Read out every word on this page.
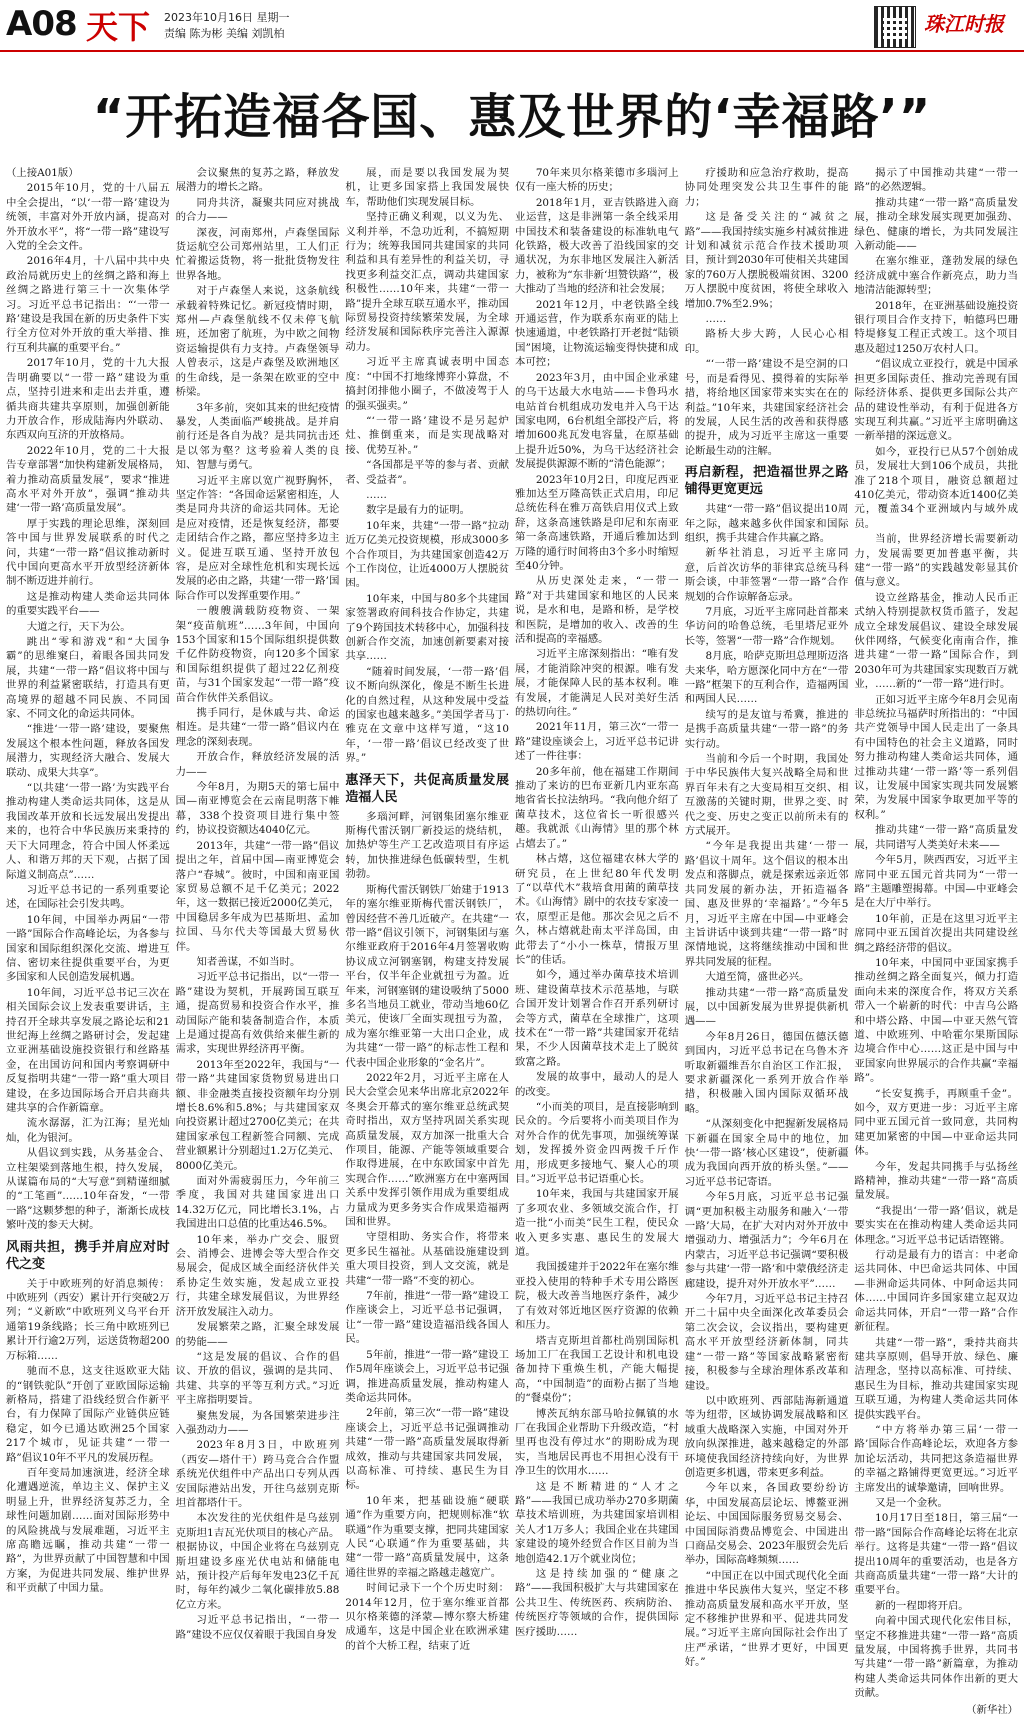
A08 天下 2023年10月16日 星期一
责编 陈为彬 美编 刘凯柏	珠江时报
“开拓造福各国、惠及世界的‘幸福路’”

（上接A01版）

2015年10月，党的十八届五中全会提出，“以‘一带一路’建设为统领，丰富对外开放内涵，提高对外开放水平”，将“一带一路”建设写入党的全会文件。

2016年4月，十八届中共中央政治局就历史上的丝绸之路和海上丝绸之路进行第三十一次集体学习。习近平总书记指出：“‘一带一路’建设是我国在新的历史条件下实行全方位对外开放的重大举措、推行互利共赢的重要平台。”

2017年10月，党的十九大报告明确要以“一带一路”建设为重点，坚持引进来和走出去并重，遵循共商共建共享原则，加强创新能力开放合作，形成陆海内外联动、东西双向互济的开放格局。

2022年10月，党的二十大报告专章部署“加快构建新发展格局，着力推动高质量发展”，要求“推进高水平对外开放”，强调“推动共建‘一带一路’高质量发展”。

厚于实践的理论思维，深刻回答中国与世界发展联系的时代之问，共建“一带一路”倡议推动新时代中国向更高水平开放型经济新体制不断迈进并前行。

这是推动构建人类命运共同体的重要实践平台——

大道之行，天下为公。

跳出“零和游戏”和“大国争霸”的思维窠臼，着眼各国共同发展，共建“一带一路”倡议将中国与世界的利益紧密联结，打造具有更高境界的超越不同民族、不同国家、不同文化的命运共同体。

“推进‘一带一路’建设，要聚焦发展这个根本性问题，释放各国发展潜力，实现经济大融合、发展大联动、成果大共享”。

“以共建‘一带一路’为实践平台推动构建人类命运共同体，这是从我国改革开放和长远发展出发提出来的，也符合中华民族历来秉持的天下大同理念，符合中国人怀柔远人、和谐万邦的天下观，占据了国际道义制高点”……

习近平总书记的一系列重要论述，在国际社会引发共鸣。

10年间，中国举办两届“一带一路”国际合作高峰论坛，为各参与国家和国际组织深化交流、增进互信、密切来往提供重要平台，为更多国家和人民创造发展机遇。

10年间，习近平总书记三次在相关国际会议上发表重要讲话，主持召开全球共享发展之路论坛和21世纪海上丝绸之路研讨会，发起建立亚洲基础设施投资银行和丝路基金，在出国访问和国内考察调研中反复指明共建“一带一路”重大项目建设，在多边国际场合开启共商共建共享的合作新篇章。

流水潺潺，汇为江海；星光灿灿，化为银河。

从倡议到实践，从务基金合、立柱架梁到落地生根，持久发展，从谋篇布局的“大写意”到精谨细腻的“工笔画”……10年奋发，“一带一路”这颗梦想的种子，渐渐长成枝繁叶茂的参天大树。

风雨共担，携手并肩应对时代之变

关于中欧班列的好消息频传：中欧班列（西安）累计开行突破2万列；“义新欧”中欧班列义乌平台开通第19条线路；长三角中欧班列已累计开行逾2万列，运送货物超200万标箱……

驰而不息，这支往返欧亚大陆的“钢铁驼队”开创了亚欧国际运输新格局，搭建了沿线经贸合作新平台，有力保障了国际产业链供应链稳定，如今已通达欧洲25个国家217个城市，见证共建“一带一路”倡议10年不平凡的发展历程。

百年变局加速演进，经济全球化遭遇逆流，单边主义、保护主义明显上升，世界经济复苏乏力，全球性问题加剧……面对国际形势中的风险挑战与发展难题，习近平主席高瞻远瞩，推动共建“一带一路”，为世界贡献了中国智慧和中国方案，为促进共同发展、维护世界和平贡献了中国力量。

会议聚焦的复苏之路，释放发展潜力的增长之路。

同舟共济，凝聚共同应对挑战的合力——

深夜，河南郑州，卢森堡国际货运航空公司郑州站里，工人们正忙着搬运货物，将一批批货物发往世界各地。

对于卢森堡人来说，这条航线承载着特殊记忆。新冠疫情时期，郑州—卢森堡航线不仅未停飞航班，还加密了航班，为中欧之间物资运输提供有力支持。卢森堡领导人曾表示，这是卢森堡及欧洲地区的生命线，是一条架在欧亚的空中桥梁。

3年多前，突如其来的世纪疫情暴发，人类面临严峻挑战。是并肩前行还是各自为战？是共同抗击还是以邻为壑？这考验着人类的良知、智慧与勇气。

习近平主席以宽广视野胸怀，坚定作答：“各国命运紧密相连，人类是同舟共济的命运共同体。无论是应对疫情，还是恢复经济，都要走团结合作之路，都应坚持多边主义。促进互联互通、坚持开放包容，是应对全球性危机和实现长远发展的必由之路，共建‘一带一路’国际合作可以发挥重要作用。”

一艘艘满载防疫物资、一架架“疫苗航班”……3年间，中国向153个国家和15个国际组织提供数千亿件防疫物资，向120多个国家和国际组织提供了超过22亿剂疫苗，与31个国家发起“一带一路”疫苗合作伙伴关系倡议。

携手同行，是休戚与共、命运相连。是共建“一带一路”倡议内在理念的深刻表现。

开放合作，释放经济发展的活力——

今年8月，为期5天的第七届中国—南亚博览会在云南昆明落下帷幕，338个投资项目进行集中签约，协议投资额达4040亿元。

2013年，共建“一带一路”倡议提出之年，首届中国—南亚博览会落户“春城”。彼时，中国和南亚国家贸易总额不足千亿美元；2022年，这一数据已接近2000亿美元，中国稳居多年成为巴基斯坦、孟加拉国、马尔代夫等国最大贸易伙伴。

知者善谋，不如当时。

习近平总书记指出，以“一带一路”建设为契机，开展跨国互联互通，提高贸易和投资合作水平，推动国际产能和装备制造合作，本质上是通过提高有效供给来催生新的需求，实现世界经济再平衡。

2013年至2022年，我国与“一带一路”共建国家货物贸易进出口额、非金融类直接投资额年均分别增长8.6%和5.8%；与共建国家双向投资累计超过2700亿美元；在共建国家承包工程新签合同额、完成营业额累计分别超过1.2万亿美元、8000亿美元。

面对外需疲弱压力，今年前三季度，我国对共建国家进出口14.32万亿元，同比增长3.1%，占我国进出口总值的比重达46.5%。

10年来，举办广交会、服贸会、消博会、进博会等大型合作交易展会，促成区域全面经济伙伴关系协定生效实施，发起成立亚投行，共建全球发展倡议，为世界经济开放发展注入动力。

发展繁荣之路，汇聚全球发展的势能——

“这是发展的倡议、合作的倡议、开放的倡议，强调的是共同、共建、共享的平等互利方式。”习近平主席指明要旨。

聚焦发展，为各国繁荣进步注入强劲动力——

2023年8月3日，中欧班列（西安—塔什干）跨马竞合合作盟系统光伏组件中产品出口专列从西安国际港站出发，开往乌兹别克斯坦首都塔什干。

本次发往的光伏组件是乌兹别克斯坦1吉瓦光伏项目的核心产品。根据协议，中国企业将在乌兹别克斯坦建设多座光伏电站和储能电站，预计投产后每年发电23亿千瓦时，每年约减少二氧化碳排放5.88亿立方米。

习近平总书记指出，“一带一路”建设不应仅仅着眼于我国自身发

展，而是要以我国发展为契机，让更多国家搭上我国发展快车，帮助他们实现发展目标。

坚持正确义利观，以义为先、义利并举，不急功近利，不搞短期行为；统筹我国同共建国家的共同利益和具有差异性的利益关切，寻找更多利益交汇点，调动共建国家积极性……10年来，共建“一带一路”提升全球互联互通水平，推动国际贸易投资持续繁荣发展，为全球经济发展和国际秩序完善注入源源动力。

习近平主席真诚表明中国态度：“中国不打地缘博弈小算盘，不搞封闭排他小圈子，不做凌驾于人的强买强卖。”

“‘一带一路’建设不是另起炉灶、推倒重来，而是实现战略对接、优势互补。”

“各国都是平等的参与者、贡献者、受益者”。

……

数字是最有力的证明。

10年来，共建“一带一路”拉动近万亿美元投资规模，形成3000多个合作项目，为共建国家创造42万个工作岗位，让近4000万人摆脱贫困。

10年来，中国与80多个共建国家签署政府间科技合作协定，共建了9个跨国技术转移中心，加强科技创新合作交流，加速创新要素对接共享……

“随着时间发展，‘一带一路’倡议不断向纵深化，像是不断生长进化的自然过程，从这种发展中受益的国家也越来越多。”美国学者马丁·雅克在文章中这样写道，“这10年，‘一带一路’倡议已经改变了世界。”

惠泽天下，共促高质量发展造福人民

多瑙河畔，河钢集团塞尔维亚斯梅代雷沃钢厂新投运的烧结机，加热炉等生产工艺改造项目有序运转，加快推进绿色低碳转型，生机勃勃。

斯梅代雷沃钢铁厂始建于1913年的塞尔维亚斯梅代雷沃钢铁厂，曾因经营不善几近破产。在共建“一带一路”倡议引领下，河钢集团与塞尔维亚政府于2016年4月签署收购协议成立河钢塞钢，构建支持发展平台，仅半年企业就扭亏为盈。近年来，河钢塞钢的建设吸纳了5000多名当地员工就业，带动当地60亿美元，使该厂全面实现扭亏为盈，成为塞尔维亚第一大出口企业，成为共建“一带一路”的标志性工程和代表中国企业形象的“金名片”。

2022年2月，习近平主席在人民大会堂会见来华出席北京2022年冬奥会开幕式的塞尔维亚总统武契奇时指出，双方坚持巩固关系实现高质量发展，双方加深一批重大合作项目，能源、产能等领域重要合作取得进展，在中东欧国家中首先实现合作……”欧洲塞方在中塞两国关系中发挥引领作用成为重要组成力量成为更多务实合作成果造福两国和世界。

守望相助、务实合作，将带来更多民生福祉。从基础设施建设到重大项目投资，到人文交流，就是共建“一带一路”不变的初心。

7年前，推进“一带一路”建设工作座谈会上，习近平总书记强调，让“一带一路”建设造福沿线各国人民。

5年前，推进“一带一路”建设工作5周年座谈会上，习近平总书记强调，推进高质量发展，推动构建人类命运共同体。

2年前，第三次“一带一路”建设座谈会上，习近平总书记强调推动共建“一带一路”高质量发展取得新成效，推动与共建国家共同发展，以高标准、可持续、惠民生为目标。

10年来，把基础设施“硬联通”作为重要方向，把规则标准“软联通”作为重要支撑，把同共建国家人民“心联通”作为重要基础，共建“一带一路”高质量发展中，这条通往世界的幸福之路越走越宽广。

时间记录下一个个历史时刻：2014年12月，位于塞尔维亚首都贝尔格莱德的泽蒙—博尔察大桥建成通车，这是中国企业在欧洲承建的首个大桥工程，结束了近

70年来贝尔格莱德市多瑙河上仅有一座大桥的历史；

2018年1月，亚吉铁路进入商业运营，这是非洲第一条全线采用中国技术和装备建设的标准轨电气化铁路，极大改善了沿线国家的交通状况，为东非地区发展注入新活力，被称为“东非新‘坦赞铁路’”，极大推动了当地的经济和社会发展；

2021年12月，中老铁路全线开通运营，作为联系东南亚的陆上快速通道，中老铁路打开老挝“陆锁国”困境，让物流运输变得快捷和成本可控；

2023年3月，由中国企业承建的乌干达最大水电站——卡鲁玛水电站首台机组成功发电并入乌干达国家电网，6台机组全部投产后，将增加600兆瓦发电容量，在原基础上提升近50%，为乌干达经济社会发展提供源源不断的“清色能源”；

2023年10月2日，印度尼西亚雅加达至万隆高铁正式启用，印尼总统佐科在雅万高铁启用仪式上致辞，这条高速铁路是印尼和东南亚第一条高速铁路，开通后雅加达到万隆的通行时间将由3个多小时缩短至40分钟。

从历史深处走来，“一带一路”对于共建国家和地区的人民来说，是水和电，是路和桥，是学校和医院，是增加的收入、改善的生活和提高的幸福感。

习近平主席深刻指出：“唯有发展，才能消除冲突的根源。唯有发展，才能保障人民的基本权利。唯有发展，才能满足人民对美好生活的热切向往。”

2021年11月，第三次“一带一路”建设座谈会上，习近平总书记讲述了一件往事：

20多年前，他在福建工作期间推动了来访的巴布亚新几内亚东高地省省长拉法纳玛。“我向他介绍了菌草技术，这位省长一听很感兴趣。我就派《山海情》里的那个林占熺去了。”

林占熺，这位福建农林大学的研究员，在上世纪80年代发明了“以草代木”栽培食用菌的菌草技术。《山海情》剧中的农技专家凌一农，原型正是他。那次会见之后不久，林占熺就赴南太平洋岛国，由此带去了“小小一株草，情报万里长”的佳话。

如今，通过举办菌草技术培训班、建设菌草技术示范基地，与联合国开发计划署合作召开系列研讨会等方式，菌草在全球推广，这项技术在“一带一路”共建国家开花结果，不少人因菌草技术走上了脱贫致富之路。

发展的故事中，最动人的是人的改变。

“小而美的项目，是直接影响到民众的。今后要将小而美项目作为对外合作的优先事项，加强统筹谋划，发挥援外资金四两拨千斤作用，形成更多接地气、聚人心的项目。”习近平总书记语重心长。

10年来，我国与共建国家开展了多项农业、多领域交流合作，打造一批“小而美”民生工程，使民众收入更多实惠、惠民生的发展大道。

我国援建并于2022年在塞尔维亚投入使用的特种手术专用公路医院，极大改善当地医疗条件，减少了有效对邻近地区医疗资源的依赖和压力。

塔吉克斯坦首都杜尚别国际机场加工厂在我国工艺设计和机电设备加持下重焕生机，产能大幅提高，“中国制造”的面粉占据了当地的“餐桌份”；

博茨瓦纳东部马哈拉佩镇的水厂在我国企业帮助下升级改造，“村里再也没有停过水”的期盼成为现实，当地居民再也不用担心没有干净卫生的饮用水……

这是不断精进的“人才之路”——我国已成功举办270多期菌草技术培训班，为共建国家培训相关人才1万多人；我国企业在共建国家建设的境外经贸合作区目前为当地创造42.1万个就业岗位；

这是持续加强的“健康之路”——我国积极扩大与共建国家在公共卫生、传统医药、疾病防治、传统医疗等领域的合作，提供国际医疗援助……

疗援助和应急治疗救助，提高协同处理突发公共卫生事件的能力；

这是备受关注的“减贫之路”——我国持续实施乡村减贫推进计划和减贫示范合作技术援助项目，预计到2030年可使相关共建国家的760万人摆脱极端贫困、3200万人摆脱中度贫困，将使全球收入增加0.7%至2.9%；

……

路桥大步大跨，人民心心相印。

“‘一带一路’建设不是空洞的口号，而是看得见、摸得着的实际举措，将给地区国家带来实实在在的利益。”10年来，共建国家经济社会的发展，人民生活的改善和获得感的提升，成为习近平主席这一重要论断最生动的注解。

再启新程，把造福世界之路铺得更宽更远

共建“一带一路”倡议提出10周年之际，越来越多伙伴国家和国际组织，携手共建合作共赢之路。

新华社消息，习近平主席同意，后首次访华的菲律宾总统马科斯会谈，中菲签署“一带一路”合作规划的合作谅解备忘录。

7月底，习近平主席同赴首都来华访问的哈鲁总统，毛里塔尼亚外长等，签署“一带一路”合作规划。

8月底，哈萨克斯坦总理斯迈洛夫来华，哈方愿深化同中方在“一带一路”框架下的互利合作，造福两国和两国人民……

续写的是友谊与希冀，推进的是携手高质量共建“一带一路”的务实行动。

当前和今后一个时期，我国处于中华民族伟大复兴战略全局和世界百年未有之大变局相互交织、相互激荡的关键时期，世界之变、时代之变、历史之变正以前所未有的方式展开。

“今年是我提出共建‘一带一路’倡议十周年。这个倡议的根本出发点和落脚点，就是探索远亲近邻共同发展的新办法，开拓造福各国、惠及世界的‘幸福路’。”今年5月，习近平主席在中国—中亚峰会主旨讲话中谈到共建“一带一路”时深情地说，这将继续推动中国和世界共同发展的征程。

大道至简，盛世必兴。

推动共建“一带一路”高质量发展，以中国新发展为世界提供新机遇——

今年8月26日，德国伍德沃德到国内，习近平总书记在乌鲁木齐听取新疆维吾尔自治区工作汇报，要求新疆深化一系列开放合作举措，积极融入国内国际双循环战略。

“从深刻变化中把握新发展格局下新疆在国家全局中的地位，加快‘一带一路’核心区建设”，使新疆成为我国向西开放的桥头堡。”——习近平总书记寄语。

今年5月底，习近平总书记强调“更加积极主动服务和融入‘一带一路’大局，在扩大对内对外开放中增强动力、增强活力”；今年6月在内蒙古，习近平总书记强调“要积极参与共建‘一带一路’和中蒙俄经济走廊建设，提升对外开放水平”……

今年7月，习近平总书记主持召开二十届中央全面深化改革委员会第二次会议，会议指出，要构建更高水平开放型经济新体制，同共建“一带一路”等国家战略紧密衔接，积极参与全球治理体系改革和建设。

以中欧班列、西部陆海新通道等为纽带，区域协调发展战略和区域重大战略深入实施，中国对外开放向纵深推进，越来越稳定的外部环境使我国经济持续向好，为世界创造更多机遇，带来更多利益。

今年以来，各国政要纷纷访华，中国发展高层论坛、博鳌亚洲论坛、中国国际服务贸易交易会、中国国际消费品博览会、中国进出口商品交易会、2023年服贸会先后举办，国际高峰频频……

“中国正在以中国式现代化全面推进中华民族伟大复兴，坚定不移推动高质量发展和高水平开放，坚定不移维护世界和平、促进共同发展。”习近平主席向国际社会作出了庄严承诺，“世界才更好，中国更好。”

揭示了中国推动共建“一带一路”的必然逻辑。

推动共建“一带一路”高质量发展，推动全球发展实现更加强劲、绿色、健康的增长，为共同发展注入新动能——

在塞尔维亚，蓬勃发展的绿色经济成就中塞合作新亮点，助力当地清洁能源转型；

2018年，在亚洲基础设施投资银行项目合作支持下，帕德玛巴珊特堤修复工程正式竣工。这个项目惠及超过1250万农村人口。

“倡议成立亚投行，就是中国承担更多国际责任、推动完善现有国际经济体系、提供更多国际公共产品的建设性举动，有利于促进各方实现互利共赢。”习近平主席明确这一新举措的深远意义。

如今，亚投行已从57个创始成员，发展壮大到106个成员，共批准了218个项目，融资总额超过410亿美元，带动资本近1400亿美元，覆盖34个亚洲域内与域外成员。

当前，世界经济增长需要新动力，发展需要更加普惠平衡，共建“一带一路”的实践越发彰显其价值与意义。

设立丝路基金，推动人民币正式纳入特别提款权货币篮子，发起成立全球发展倡议、建设全球发展伙伴网络，气候变化南南合作，推进共建“一带一路”国际合作，到2030年可为共建国家实现数百万就业，……新的“一带一路”进行时。

正如习近平主席今年8月会见南非总统拉马福萨时所指出的：“中国共产党领导中国人民走出了一条具有中国特色的社会主义道路，同时努力推动构建人类命运共同体，通过推动共建‘一带一路’等一系列倡议，让发展中国家实现共同发展繁荣，为发展中国家争取更加平等的权利。”

推动共建“一带一路”高质量发展，共同谱写人类美好未来——

今年5月，陕西西安，习近平主席同中亚五国元首共同为“一带一路”主题雕塑揭幕。中国—中亚峰会是在大厅中举行。

10年前，正是在这里习近平主席同中亚五国首次提出共同建设丝绸之路经济带的倡议。

10年来，中国同中亚国家携手推动丝绸之路全面复兴，倾力打造面向未来的深度合作，将双方关系带入一个崭新的时代：中吉乌公路和中塔公路、中国—中亚天然气管道、中欧班列、中哈霍尔果斯国际边境合作中心……这正是中国与中亚国家向世界展示的合作共赢“幸福路”。

“长安复携手，再顾重千金”。如今，双方更进一步：习近平主席同中亚五国元首一致同意，共同构建更加紧密的中国—中亚命运共同体。

今年，发起共同携手与弘扬丝路精神，推动共建“一带一路”高质量发展。

“我提出‘一带一路’倡议，就是要实实在在推动构建人类命运共同体理念。”习近平总书记话语铿锵。

行动是最有力的语言：中老命运共同体、中巴命运共同体、中国—非洲命运共同体、中阿命运共同体……中国同许多国家建立起双边命运共同体，开启“一带一路”合作新征程。

共建“一带一路”，秉持共商共建共享原则，倡导开放、绿色、廉洁理念，坚持以高标准、可持续、惠民生为目标，推动共建国家实现互联互通，为构建人类命运共同体提供实践平台。

“中方将举办第三届‘一带一路’国际合作高峰论坛，欢迎各方参加论坛活动，共同把这条造福世界的幸福之路铺得更宽更远。”习近平主席发出的诚挚邀请，回响世界。

又是一个金秋。

10月17日至18日，第三届“一带一路”国际合作高峰论坛将在北京举行。这将是共建“一带一路”倡议提出10周年的重要活动，也是各方共商高质量共建“一带一路”大计的重要平台。

新的一程即将开启。

向着中国式现代化宏伟目标，坚定不移推进共建“一带一路”高质量发展，中国将携手世界，共同书写共建“一带一路”新篇章，为推动构建人类命运共同体作出新的更大贡献。

（新华社）
